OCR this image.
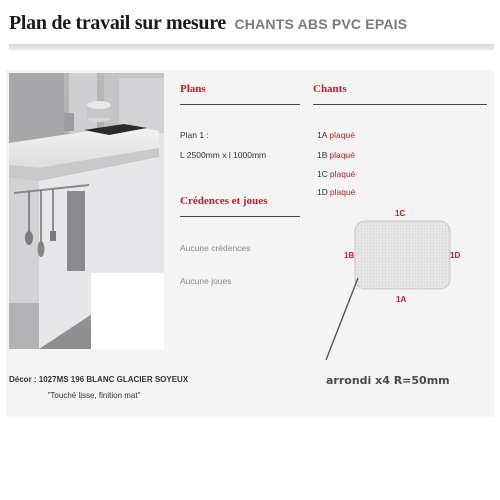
Plan de travail sur mesure CHANTS ABS PVC EPAIS
Décor : 1027MS 196 BLANC GLACIER SOYEUX
"Touché lisse, finition mat"
Plans
Plan 1 :
L 2500mm x l 1000mm
Crédences et joues
Aucune crédences
Aucune joues
Chants
1A plaqué
1B plaqué
1C plaqué
1D plaqué
1C
1B	1D
1A
arrondi x4 R=50mm
